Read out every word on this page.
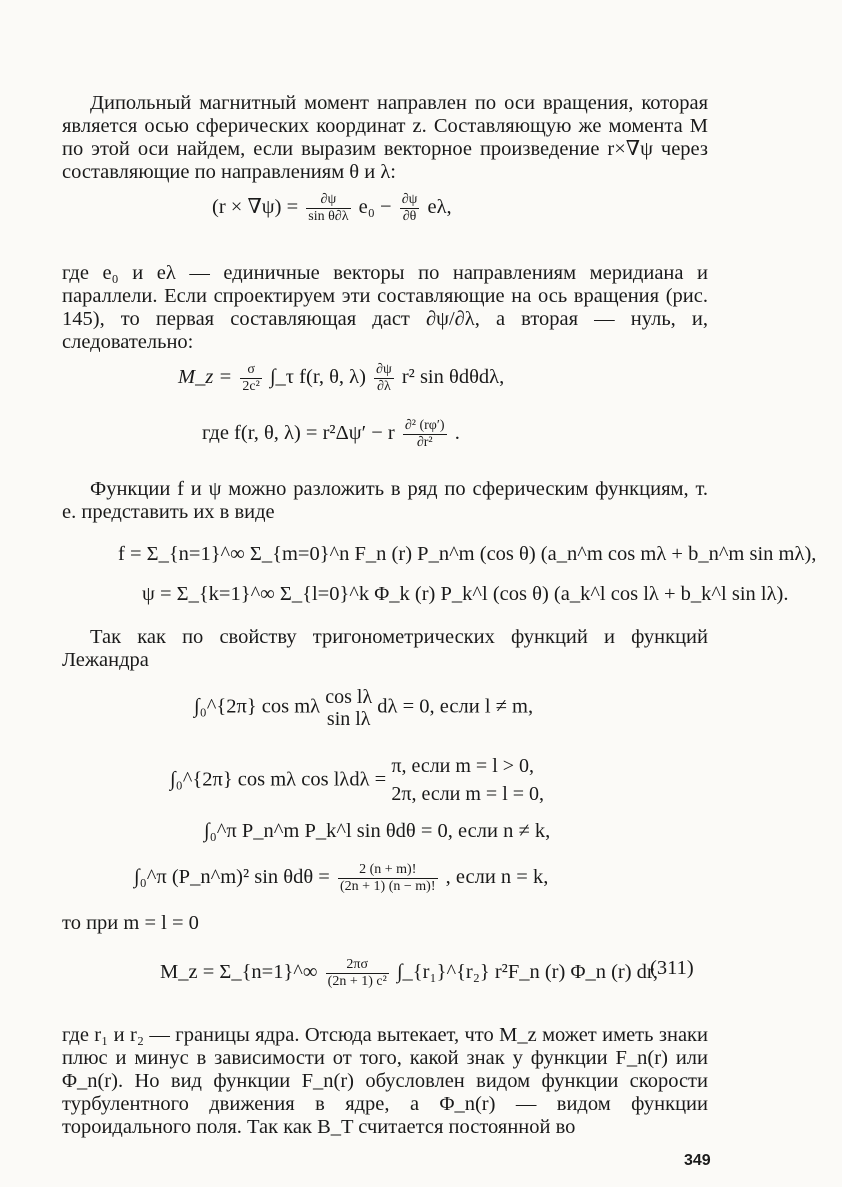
Дипольный магнитный момент направлен по оси вращения, которая является осью сферических координат z. Составляющую же момента M по этой оси найдем, если выразим векторное произведение r×∇ψ через составляющие по направлениям θ и λ:
$(r \times \nabla\psi) = \frac{\partial\psi}{\text{sin θ∂λ}} e_0 - \frac{\partial\psi}{\partial\theta} e\lambda$,
где e₀ и eλ — единичные векторы по направлениям меридиана и параллели. Если спроектируем эти составляющие на ось вращения (рис. 145), то первая составляющая даст ∂ψ/∂λ, а вторая — нуль, и, следовательно:
M_z = $\frac{\sigma}{\text{2c²}}$ ∫_τ f(r, θ, $\lambda) \frac{\partial\psi}{\partial\lambda} r^2$ sin θdθdλ,
где f(r, θ, λ) = r²Δψ′ − r $\frac{\text{∂² (rφ′)}}{\text{∂r²}}$ .
Функции f и ψ можно разложить в ряд по сферическим функциям, т. е. представить их в виде
f = Σ_{n=1}^∞ Σ_{m=0}^n F_n (r) P_n^m (cos θ) (a_n^m cos mλ + b_n^m sin mλ),
ψ = Σ_{k=1}^∞ Σ_{l=0}^k Φ_k (r) P_k^l (cos θ) (a_k^l cos lλ + b_k^l sin lλ).
Так как по свойству тригонометрических функций и функций Лежандра
∫₀^{2π} cos mλ cos lλ
sin lλ
dλ = 0, если l ≠ m,
∫₀^{2π} cos mλ cos lλdλ =
π, если m = l > 0,
2π, если m = l = 0,
∫₀^π P_n^m P_k^l sin θdθ = 0, если n ≠ k,
∫₀^π (P_n^m)² $\sin \theta d\theta = \frac{2 (n + m)!}{(2n + 1) (n - m)!}$ , если n = k,
то при m = l = 0
M_z = Σ_{n=1}^∞ $\frac{2\pi\sigma}{\text{(2n + 1) c²}}$ ∫_{r₁}^{r₂} r²F_n (r) Φ_n (r) dr,
(311)
где r₁ и r₂ — границы ядра. Отсюда вытекает, что M_z может иметь знаки плюс и минус в зависимости от того, какой знак у функции F_n(r) или Φ_n(r). Но вид функции F_n(r) обусловлен видом функции скорости турбулентного движения в ядре, а Φ_n(r) — видом функции тороидального поля. Так как B_T считается постоянной во
349
